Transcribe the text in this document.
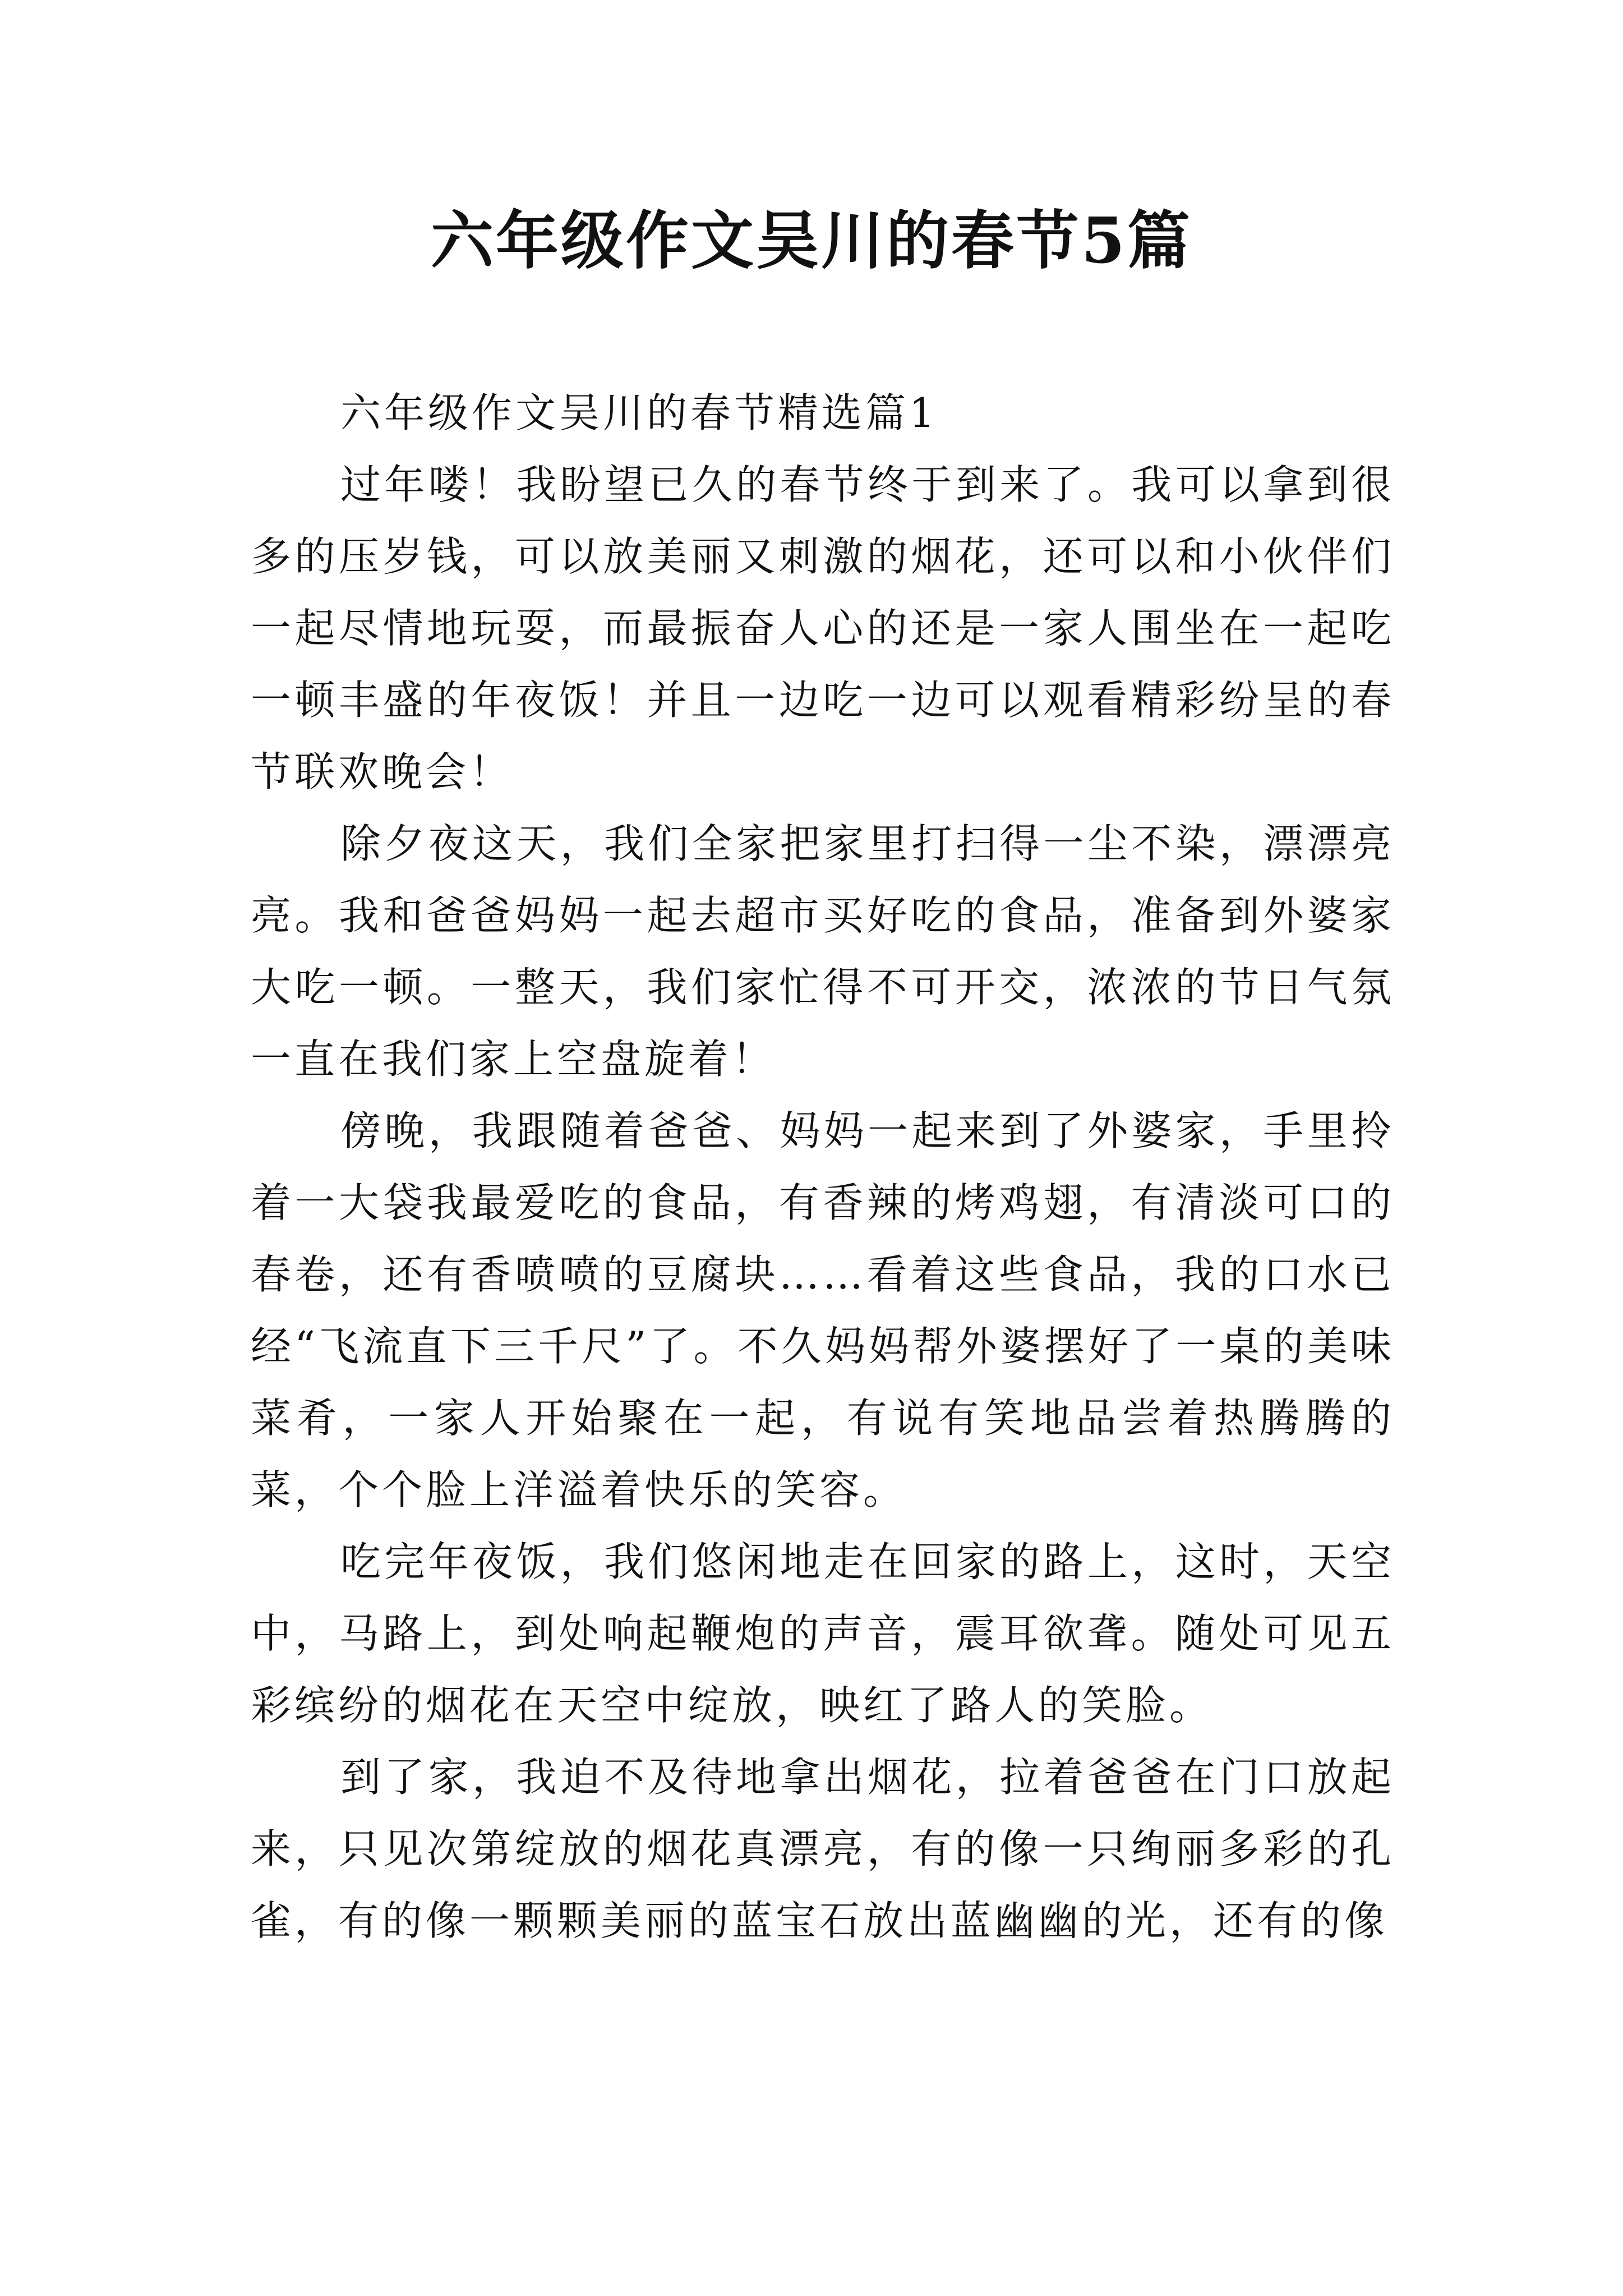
六年级作文吴川的春节5篇
六年级作文吴川的春节精选篇1

过年喽！我盼望已久的春节终于到来了。我可以拿到很多的压岁钱，可以放美丽又刺激的烟花，还可以和小伙伴们一起尽情地玩耍，而最振奋人心的还是一家人围坐在一起吃一顿丰盛的年夜饭！并且一边吃一边可以观看精彩纷呈的春节联欢晚会！

除夕夜这天，我们全家把家里打扫得一尘不染，漂漂亮亮。我和爸爸妈妈一起去超市买好吃的食品，准备到外婆家大吃一顿。一整天，我们家忙得不可开交，浓浓的节日气氛一直在我们家上空盘旋着！

傍晚，我跟随着爸爸、妈妈一起来到了外婆家，手里拎着一大袋我最爱吃的食品，有香辣的烤鸡翅，有清淡可口的春卷，还有香喷喷的豆腐块……看着这些食品，我的口水已经“飞流直下三千尺”了。不久妈妈帮外婆摆好了一桌的美味菜肴，一家人开始聚在一起，有说有笑地品尝着热腾腾的菜，个个脸上洋溢着快乐的笑容。

吃完年夜饭，我们悠闲地走在回家的路上，这时，天空中，马路上，到处响起鞭炮的声音，震耳欲聋。随处可见五彩缤纷的烟花在天空中绽放，映红了路人的笑脸。

到了家，我迫不及待地拿出烟花，拉着爸爸在门口放起来，只见次第绽放的烟花真漂亮，有的像一只绚丽多彩的孔雀，有的像一颗颗美丽的蓝宝石放出蓝幽幽的光，还有的像
